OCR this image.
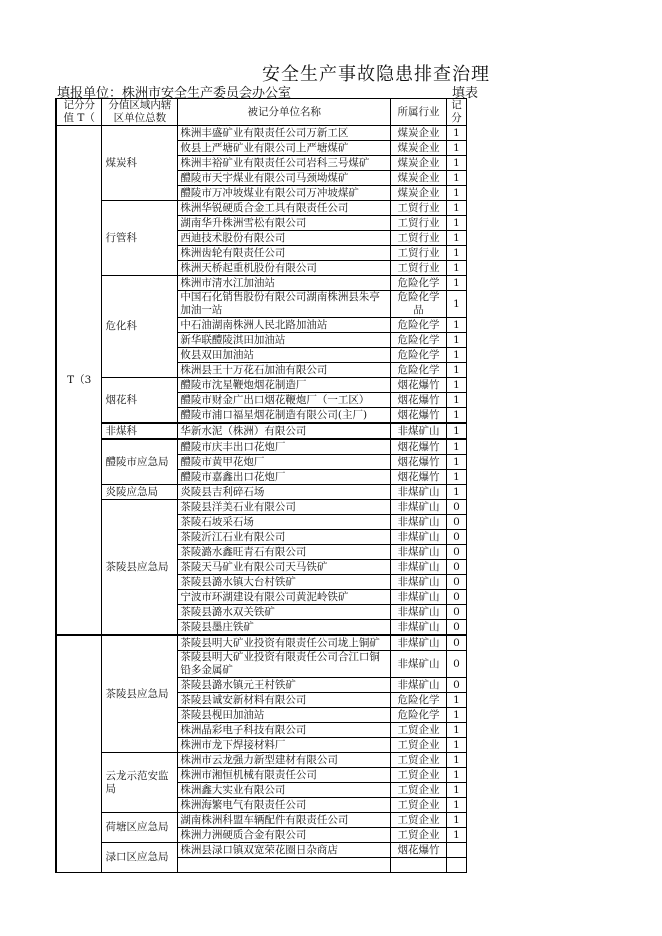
安全生产事故隐患排查治理
填报单位：株洲市安全生产委员会办公室	填表
记分分值 T（	分值区域内辖区单位总数	被记分单位名称	所属行业	记分
T（3	煤炭科	株洲丰盛矿业有限责任公司万新工区	煤炭企业	1
		攸县上严塘矿业有限公司上严塘煤矿	煤炭企业	1
		株洲丰裕矿业有限责任公司岩科三号煤矿	煤炭企业	1
		醴陵市天宇煤业有限公司马颈坳煤矿	煤炭企业	1
		醴陵市万冲坡煤业有限公司万冲坡煤矿	煤炭企业	1
	行管科	株洲华锐硬质合金工具有限责任公司	工贸行业	1
		湖南华升株洲雪松有限公司	工贸行业	1
		西迪技术股份有限公司	工贸行业	1
		株洲齿轮有限责任公司	工贸行业	1
		株洲天桥起重机股份有限公司	工贸行业	1
	危化科	株洲市清水江加油站	危险化学	1
		中国石化销售股份有限公司湖南株洲县朱亭加油一站	危险化学品	1
		中石油湖南株洲人民北路加油站	危险化学	1
		新华联醴陵淇田加油站	危险化学	1
		攸县双田加油站	危险化学	1
		株洲县王十万花石加油有限公司	危险化学	1
	烟花科	醴陵市沈星鞭炮烟花制造厂	烟花爆竹	1
		醴陵市财金广出口烟花鞭炮厂（一工区）	烟花爆竹	1
		醴陵市浦口福星烟花制造有限公司(主厂)	烟花爆竹	1
	非煤科	华新水泥（株洲）有限公司	非煤矿山	1
	醴陵市应急局	醴陵市庆丰出口花炮厂	烟花爆竹	1
		醴陵市黄甲花炮厂	烟花爆竹	1
		醴陵市嘉鑫出口花炮厂	烟花爆竹	1
	炎陵应急局	炎陵县吉利碎石场	非煤矿山	1
	茶陵县应急局	茶陵县洋美石业有限公司	非煤矿山	0
		茶陵石坡采石场	非煤矿山	0
		茶陵沂江石业有限公司	非煤矿山	0
		茶陵潞水鑫旺青石有限公司	非煤矿山	0
		茶陵天马矿业有限公司天马铁矿	非煤矿山	0
		茶陵县潞水镇大台村铁矿	非煤矿山	0
		宁波市环湖建设有限公司黄泥岭铁矿	非煤矿山	0
		茶陵县潞水双关铁矿	非煤矿山	0
		茶陵县墨庄铁矿	非煤矿山	0
	茶陵县应急局	茶陵县明大矿业投资有限责任公司垅上铜矿	非煤矿山	0
		茶陵县明大矿业投资有限责任公司合江口铜铅多金属矿	非煤矿山	0
		茶陵县潞水镇元王村铁矿	非煤矿山	0
		茶陵县诚安新材料有限公司	危险化学	1
		茶陵县枧田加油站	危险化学	1
		株洲晶彩电子科技有限公司	工贸企业	1
		株洲市龙下焊接材料厂	工贸企业	1
	云龙示范安监局	株洲市云龙强力新型建材有限公司	工贸企业	1
		株洲市湘恒机械有限责任公司	工贸企业	1
		株洲鑫大实业有限公司	工贸企业	1
		株洲海繁电气有限责任公司	工贸企业	1
	荷塘区应急局	湖南株洲科盟车辆配件有限责任公司	工贸企业	1
		株洲力洲硬质合金有限公司	工贸企业	1
	渌口区应急局	株洲县渌口镇双宽荣花圈日杂商店	烟花爆竹	
